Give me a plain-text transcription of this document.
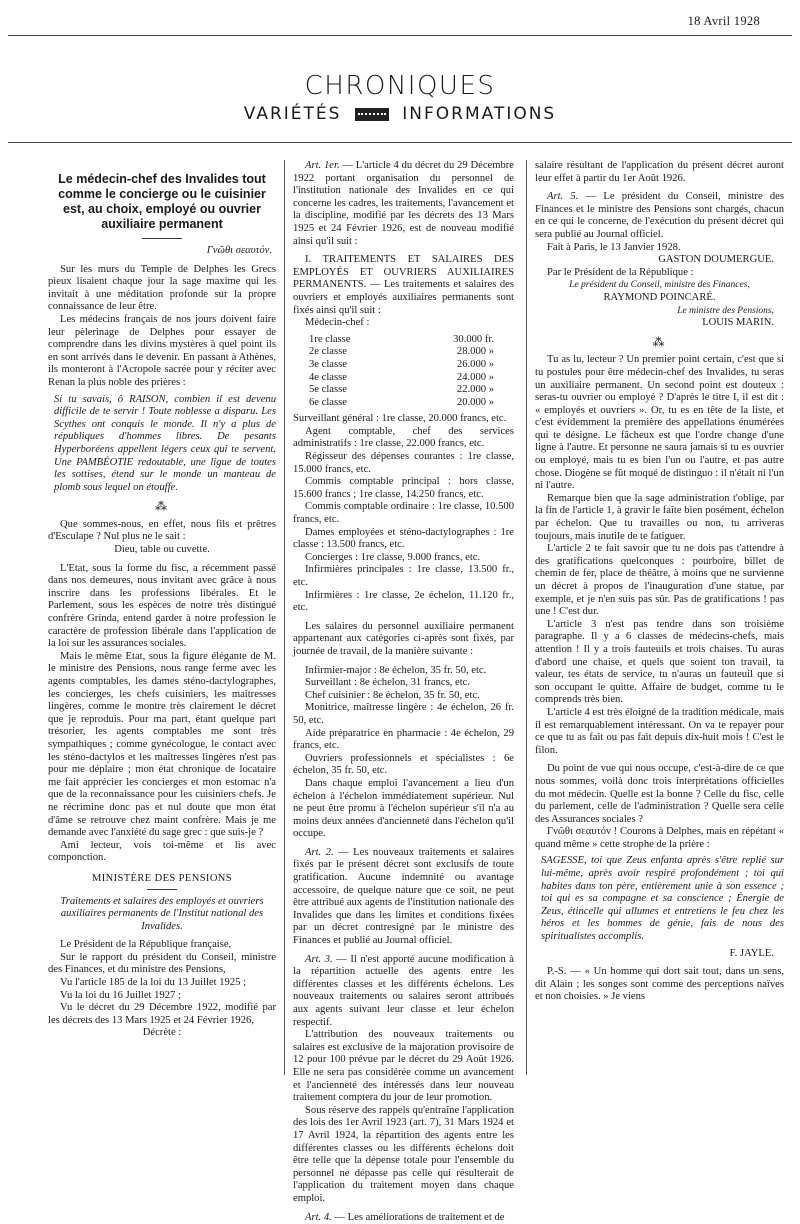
18 Avril 1928
CHRONIQUES
VARIÉTÉS	INFORMATIONS
Le médecin-chef des Invalides tout comme le concierge ou le cuisinier est, au choix, employé ou ouvrier auxiliaire permanent
Γνῶθι σεαυτόν.

Sur les murs du Temple de Delphes les Grecs pieux lisaient chaque jour la sage maxime qui les invitait à une méditation profonde sur la propre connaissance de leur être.

Les médecins français de nos jours doivent faire leur pèlerinage de Delphes pour essayer de comprendre dans les divins mystères à quel point ils en sont arrivés dans le devenir. En passant à Athènes, ils monteront à l'Acropole sacrée pour y réciter avec Renan la plus noble des prières :

Si tu savais, ô RAISON, combien il est devenu difficile de te servir ! Toute noblesse a disparu. Les Scythes ont conquis le monde. Il n'y a plus de républiques d'hommes libres. De pesants Hyperboréens appellent légers ceux qui te servent. Une PAMBÉOTIE redoutable, une ligue de toutes les sottises, étend sur le monde un manteau de plomb sous lequel on étouffe.

⁂

Que sommes-nous, en effet, nous fils et prêtres d'Esculape ? Nul plus ne le sait :

Dieu, table ou cuvette.

L'Etat, sous la forme du fisc, a récemment passé dans nos demeures, nous invitant avec grâce à nous inscrire dans les professions libérales. Et le Parlement, sous les espèces de notre très distingué confrère Grinda, entend garder à notre profession le caractère de profession libérale dans l'application de la loi sur les assurances sociales.

Mais le même Etat, sous la figure élégante de M. le ministre des Pensions, nous range ferme avec les agents comptables, les dames sténo-dactylographes, les concierges, les chefs cuisiniers, les maîtresses lingères, comme le montre très clairement le décret que je reproduis. Pour ma part, étant quelque part trésorier, les agents comptables me sont très sympathiques ; comme gynécologue, le contact avec les sténo-dactylos et les maîtresses lingères n'est pas pour me déplaire ; mon état chronique de locataire me fait apprécier les concierges et mon estomac n'a que de la reconnaissance pour les cuisiniers chefs. Je ne récrimine donc pas et nul doute que mon état d'âme se retrouve chez maint confrère. Mais je me demande avec l'anxiété du sage grec : que suis-je ?

Ami lecteur, vois toi-même et lis avec componction.

MINISTÈRE DES PENSIONS

Traitements et salaires des employés et ouvriers auxiliaires permanents de l'Institut national des Invalides.

Le Président de la République française,

Sur le rapport du président du Conseil, ministre des Finances, et du ministre des Pensions,

Vu l'article 185 de la loi du 13 Juillet 1925 ;

Vu la loi du 16 Juillet 1927 ;

Vu le décret du 29 Décembre 1922, modifié par les décrets des 13 Mars 1925 et 24 Février 1926,

Décrète :

Art. 1er. — L'article 4 du décret du 29 Décembre 1922 portant organisation du personnel de l'institution nationale des Invalides en ce qui concerne les cadres, les traitements, l'avancement et la discipline, modifié par les décrets des 13 Mars 1925 et 24 Février 1926, est de nouveau modifié ainsi qu'il suit :

I. TRAITEMENTS ET SALAIRES DES EMPLOYÉS ET OUVRIERS AUXILIAIRES PERMANENTS. — Les traitements et salaires des ouvriers et employés auxiliaires permanents sont fixés ainsi qu'il suit :

Médecin-chef :

1re classe	30.000 fr.
2e classe	28.000 »
3e classe	26.000 »
4e classe	24.000 »
5e classe	22.000 »
6e classe	20.000 »

Surveillant général : 1re classe, 20.000 francs, etc.

Agent comptable, chef des services administratifs : 1re classe, 22.000 francs, etc.

Régisseur des dépenses courantes : 1re classe, 15.000 francs, etc.

Commis comptable principal : hors classe, 15.600 francs ; 1re classe, 14.250 francs, etc.

Commis comptable ordinaire : 1re classe, 10.500 francs, etc.

Dames employées et sténo-dactylographes : 1re classe : 13.500 francs, etc.

Concierges : 1re classe, 9.000 francs, etc.

Infirmières principales : 1re classe, 13.500 fr., etc.

Infirmières : 1re classe, 2e échelon, 11.120 fr., etc.

Les salaires du personnel auxiliaire permanent appartenant aux catégories ci-après sont fixés, par journée de travail, de la manière suivante :

Infirmier-major : 8e échelon, 35 fr. 50, etc.

Surveillant : 8e échelon, 31 francs, etc.

Chef cuisinier : 8e échelon, 35 fr. 50, etc.

Monitrice, maîtresse lingère : 4e échelon, 26 fr. 50, etc.

Aide préparatrice en pharmacie : 4e échelon, 29 francs, etc.

Ouvriers professionnels et spécialistes : 6e échelon, 35 fr. 50, etc.

Dans chaque emploi l'avancement a lieu d'un échelon à l'échelon immédiatement supérieur. Nul ne peut être promu à l'échelon supérieur s'il n'a au moins deux années d'ancienneté dans l'échelon qu'il occupe.

Art. 2. — Les nouveaux traitements et salaires fixés par le présent décret sont exclusifs de toute gratification. Aucune indemnité ou avantage accessoire, de quelque nature que ce soit, ne peut être attribué aux agents de l'institution nationale des Invalides que dans les limites et conditions fixées par un décret contresigné par le ministre des Finances et publié au Journal officiel.

Art. 3. — Il n'est apporté aucune modification à la répartition actuelle des agents entre les différentes classes et les différents échelons. Les nouveaux traitements ou salaires seront attribués aux agents suivant leur classe et leur échelon respectif.

L'attribution des nouveaux traitements ou salaires est exclusive de la majoration provisoire de 12 pour 100 prévue par le décret du 29 Août 1926. Elle ne sera pas considérée comme un avancement et l'ancienneté des intéressés dans leur nouveau traitement comptera du jour de leur promotion.

Sous réserve des rappels qu'entraîne l'application des lois des 1er Avril 1923 (art. 7), 31 Mars 1924 et 17 Avril 1924, la répartition des agents entre les différentes classes ou les différents échelons doit être telle que la dépense totale pour l'ensemble du personnel ne dépasse pas celle qui résulterait de l'application du traitement moyen dans chaque emploi.

Art. 4. — Les améliorations de traitement et de

salaire résultant de l'application du présent décret auront leur effet à partir du 1er Août 1926.

Art. 5. — Le président du Conseil, ministre des Finances et le ministre des Pensions sont chargés, chacun en ce qui le concerne, de l'exécution du présent décret qui sera publié au Journal officiel.

Fait à Paris, le 13 Janvier 1928.

GASTON DOUMERGUE.

Par le Président de la République :

Le président du Conseil, ministre des Finances,

RAYMOND POINCARÉ.

Le ministre des Pensions,

LOUIS MARIN.

⁂

Tu as lu, lecteur ? Un premier point certain, c'est que si tu postules pour être médecin-chef des Invalides, tu seras un auxiliaire permanent. Un second point est douteux : seras-tu ouvrier ou employé ? D'après le titre I, il est dit : « employés et ouvriers ». Or, tu es en tête de la liste, et c'est évidemment la première des appellations énumérées qui te désigne. Le fâcheux est que l'ordre change d'une ligne à l'autre. Et personne ne saura jamais si tu es ouvrier ou employé, mais tu es bien l'un ou l'autre, et pas autre chose. Diogène se fût moqué de distinguo : il n'était ni l'un ni l'autre.

Remarque bien que la sage administration t'oblige, par la fin de l'article 1, à gravir le faîte bien posément, échelon par échelon. Que tu travailles ou non, tu arriveras toujours, mais inutile de te fatiguer.

L'article 2 te fait savoir que tu ne dois pas t'attendre à des gratifications quelconques : pourboire, billet de chemin de fer, place de théâtre, à moins que ne survienne un décret à propos de l'inauguration d'une statue, par exemple, et je n'en suis pas sûr. Pas de gratifications ! pas une ! C'est dur.

L'article 3 n'est pas tendre dans son troisième paragraphe. Il y a 6 classes de médecins-chefs, mais attention ! Il y a trois fauteuils et trois chaises. Tu auras d'abord une chaise, et quels que soient ton travail, ta valeur, tes états de service, tu n'auras un fauteuil que si son occupant le quitte. Affaire de budget, comme tu le comprends très bien.

L'article 4 est très éloigné de la tradition médicale, mais il est remarquablement intéressant. On va te repayer pour ce que tu as fait ou pas fait depuis dix-huit mois ! C'est le filon.

Du point de vue qui nous occupe, c'est-à-dire de ce que nous sommes, voilà donc trois interprétations officielles du mot médecin. Quelle est la bonne ? Celle du fisc, celle du parlement, celle de l'administration ? Quelle sera celle des Assurances sociales ?

Γνῶθι σεαυτόν ! Courons à Delphes, mais en répétant « quand même » cette strophe de la prière :

SAGESSE, toi que Zeus enfanta après s'être replié sur lui-même, après avoir respiré profondément ; toi qui habites dans ton père, entièrement unie à son essence ; toi qui es sa compagne et sa conscience ; Énergie de Zeus, étincelle qui allumes et entretiens le feu chez les héros et les hommes de génie, fais de nous des spiritualistes accomplis.

F. JAYLE.

P.-S. — « Un homme qui dort sait tout, dans un sens, dit Alain ; les songes sont comme des perceptions naïves et non choisies. » Je viens
